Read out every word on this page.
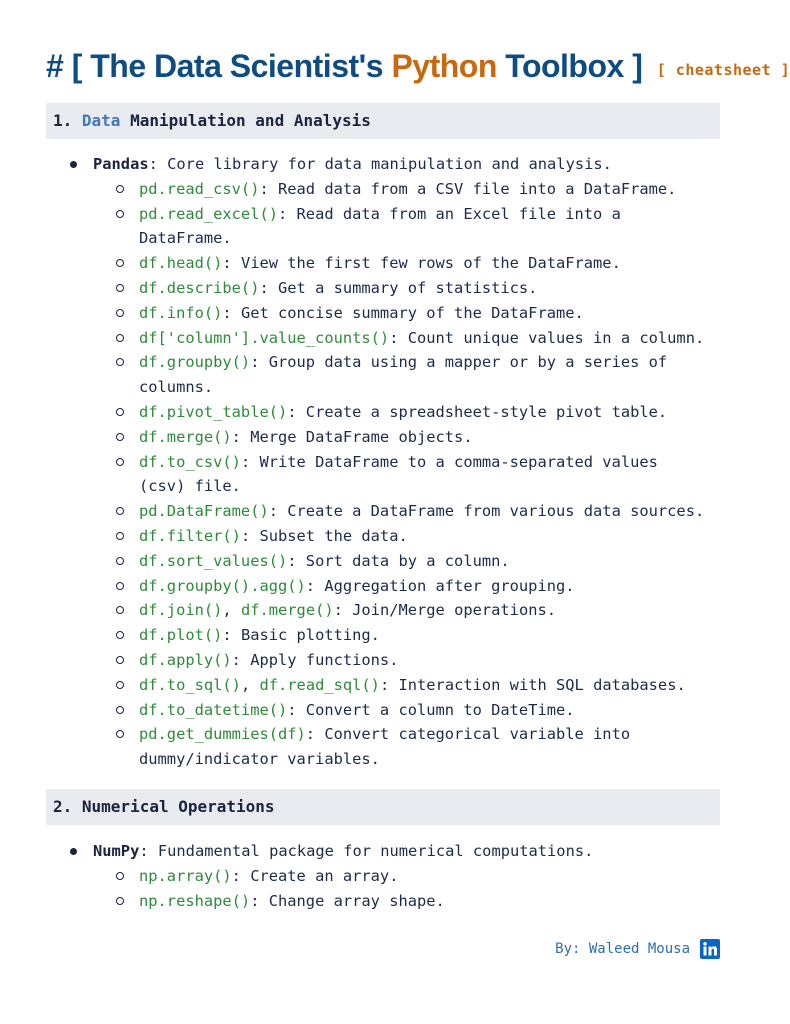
# [ The Data Scientist's Python Toolbox ] [ cheatsheet ]
1. Data Manipulation and Analysis
Pandas: Core library for data manipulation and analysis.
pd.read_csv(): Read data from a CSV file into a DataFrame.
pd.read_excel(): Read data from an Excel file into a
DataFrame.
df.head(): View the first few rows of the DataFrame.
df.describe(): Get a summary of statistics.
df.info(): Get concise summary of the DataFrame.
df['column'].value_counts(): Count unique values in a column.
df.groupby(): Group data using a mapper or by a series of
columns.
df.pivot_table(): Create a spreadsheet-style pivot table.
df.merge(): Merge DataFrame objects.
df.to_csv(): Write DataFrame to a comma-separated values
(csv) file.
pd.DataFrame(): Create a DataFrame from various data sources.
df.filter(): Subset the data.
df.sort_values(): Sort data by a column.
df.groupby().agg(): Aggregation after grouping.
df.join(), df.merge(): Join/Merge operations.
df.plot(): Basic plotting.
df.apply(): Apply functions.
df.to_sql(), df.read_sql(): Interaction with SQL databases.
df.to_datetime(): Convert a column to DateTime.
pd.get_dummies(df): Convert categorical variable into
dummy/indicator variables.
2. Numerical Operations
NumPy: Fundamental package for numerical computations.
np.array(): Create an array.
np.reshape(): Change array shape.
By: Waleed Mousa
